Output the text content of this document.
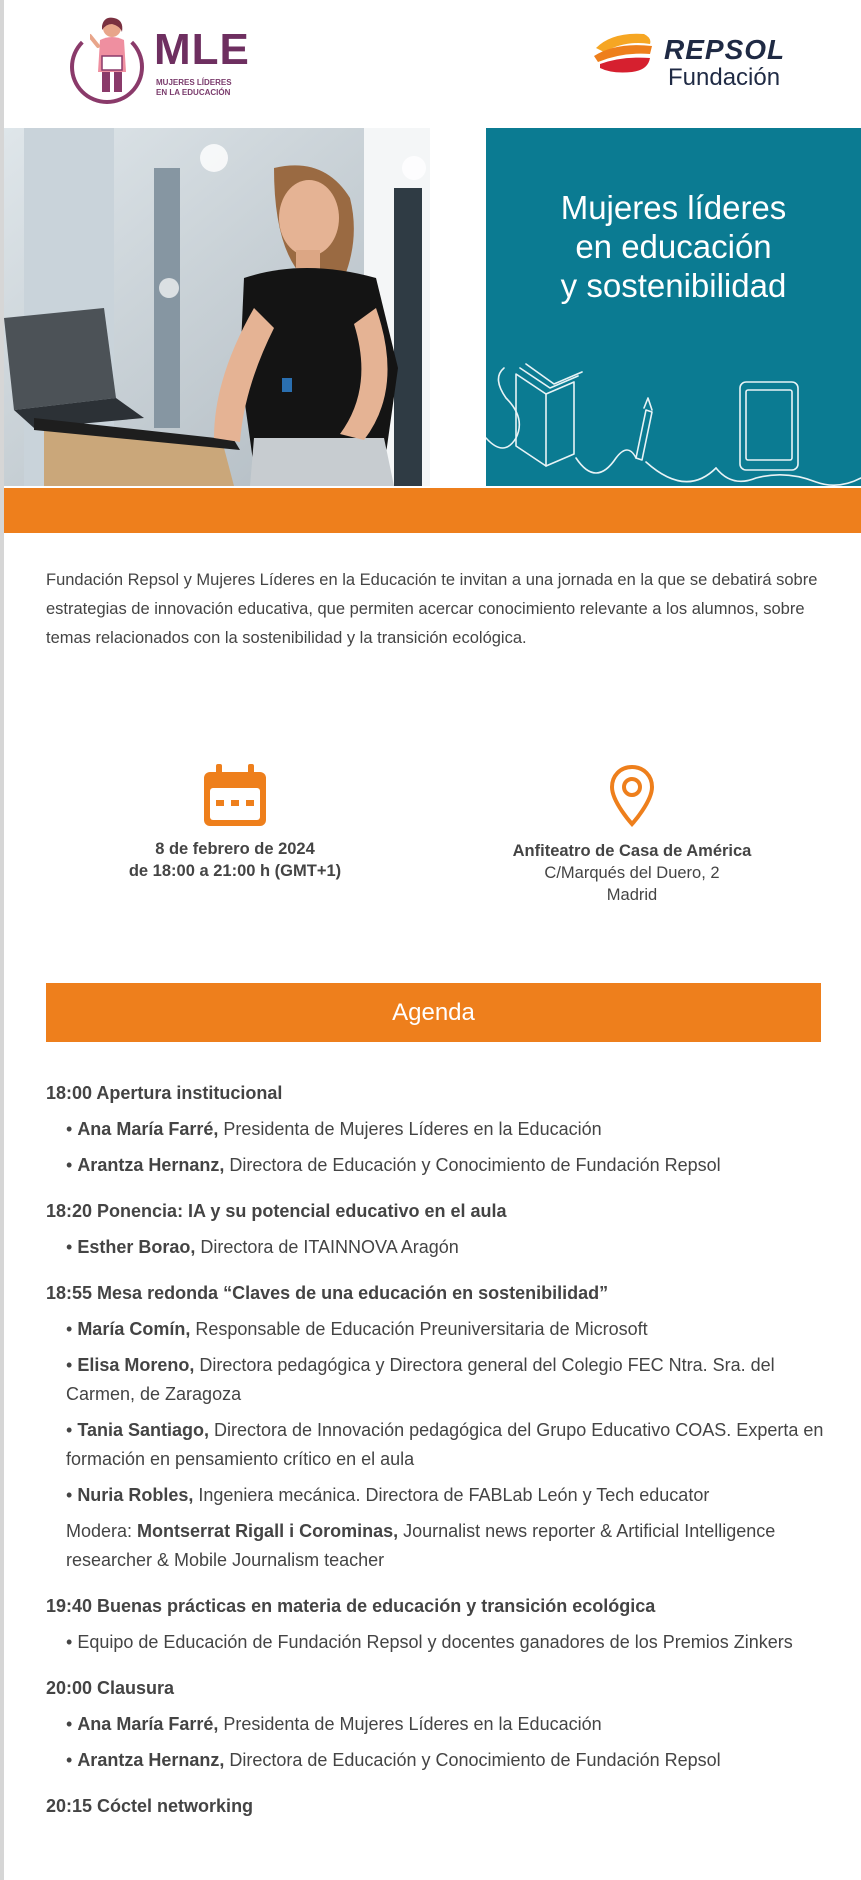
MLE
MUJERES LÍDERES
EN LA EDUCACIÓN
REPSOL
Fundación
Mujeres líderes
en educación
y sostenibilidad

Fundación Repsol y Mujeres Líderes en la Educación te invitan a una jornada en la que se debatirá sobre estrategias de innovación educativa, que permiten acercar conocimiento relevante a los alumnos, sobre temas relacionados con la sostenibilidad y la transición ecológica.

8 de febrero de 2024
de 18:00 a 21:00 h (GMT+1)
Anfiteatro de Casa de América
C/Marqués del Duero, 2
Madrid
Agenda
18:00 Apertura institucional
• Ana María Farré, Presidenta de Mujeres Líderes en la Educación
• Arantza Hernanz, Directora de Educación y Conocimiento de Fundación Repsol
18:20 Ponencia: IA y su potencial educativo en el aula
• Esther Borao, Directora de ITAINNOVA Aragón
18:55 Mesa redonda “Claves de una educación en sostenibilidad”
• María Comín, Responsable de Educación Preuniversitaria de Microsoft
• Elisa Moreno, Directora pedagógica y Directora general del Colegio FEC Ntra. Sra. del Carmen, de Zaragoza
• Tania Santiago, Directora de Innovación pedagógica del Grupo Educativo COAS. Experta en formación en pensamiento crítico en el aula
• Nuria Robles, Ingeniera mecánica. Directora de FABLab León y Tech educator
Modera: Montserrat Rigall i Corominas, Journalist news reporter & Artificial Intelligence researcher & Mobile Journalism teacher
19:40 Buenas prácticas en materia de educación y transición ecológica
• Equipo de Educación de Fundación Repsol y docentes ganadores de los Premios Zinkers
20:00 Clausura
• Ana María Farré, Presidenta de Mujeres Líderes en la Educación
• Arantza Hernanz, Directora de Educación y Conocimiento de Fundación Repsol
20:15 Cóctel networking
